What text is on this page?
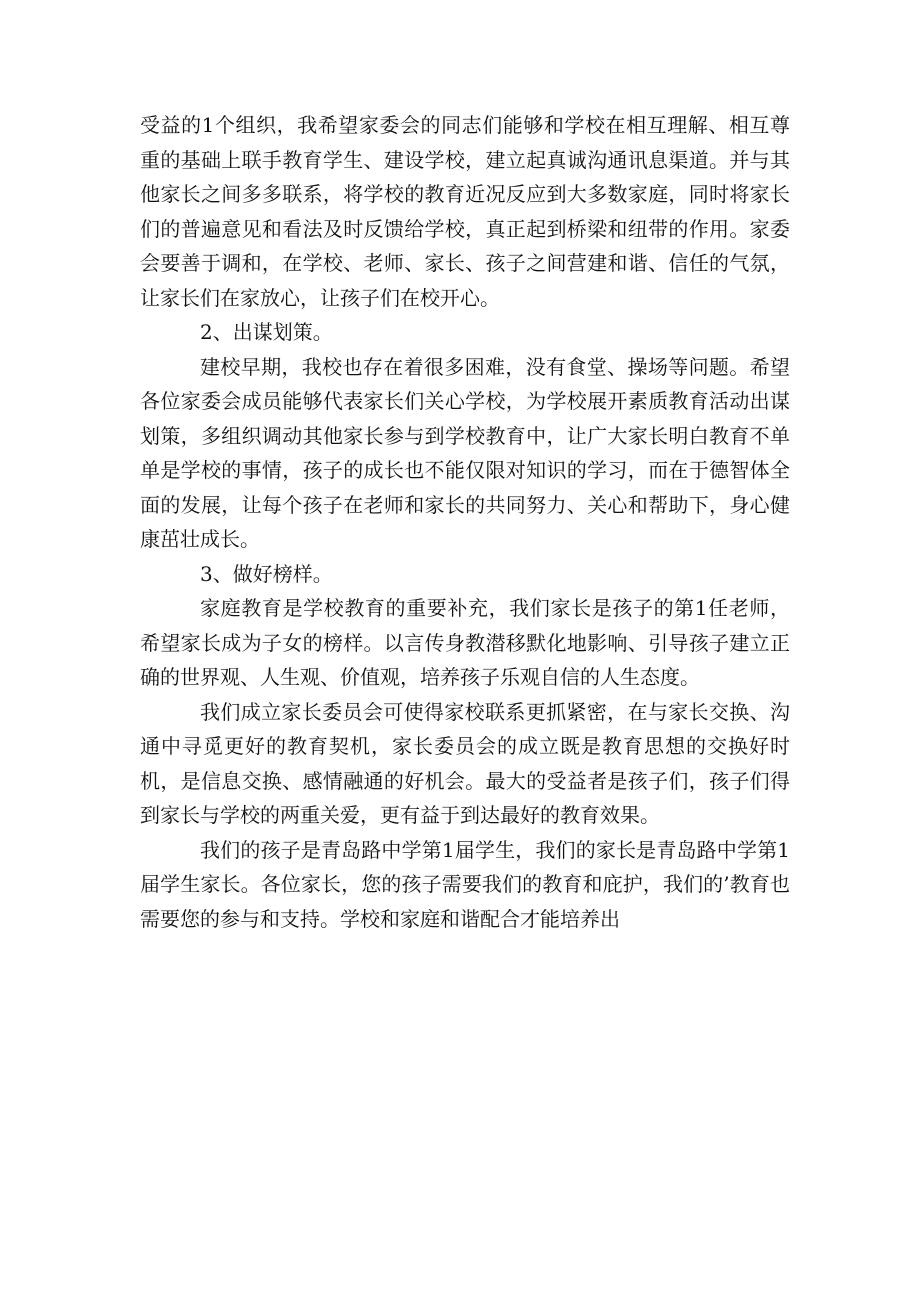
受益的1个组织，我希望家委会的同志们能够和学校在相互理解、相互尊重的基础上联手教育学生、建设学校，建立起真诚沟通讯息渠道。并与其他家长之间多多联系，将学校的教育近况反应到大多数家庭，同时将家长们的普遍意见和看法及时反馈给学校，真正起到桥梁和纽带的作用。家委会要善于调和，在学校、老师、家长、孩子之间营建和谐、信任的气氛，让家长们在家放心，让孩子们在校开心。

2、出谋划策。

建校早期，我校也存在着很多困难，没有食堂、操场等问题。希望各位家委会成员能够代表家长们关心学校，为学校展开素质教育活动出谋划策，多组织调动其他家长参与到学校教育中，让广大家长明白教育不单单是学校的事情，孩子的成长也不能仅限对知识的学习，而在于德智体全面的发展，让每个孩子在老师和家长的共同努力、关心和帮助下，身心健康茁壮成长。

3、做好榜样。

家庭教育是学校教育的重要补充，我们家长是孩子的第1任老师，希望家长成为子女的榜样。以言传身教潜移默化地影响、引导孩子建立正确的世界观、人生观、价值观，培养孩子乐观自信的人生态度。

我们成立家长委员会可使得家校联系更抓紧密，在与家长交换、沟通中寻觅更好的教育契机，家长委员会的成立既是教育思想的交换好时机，是信息交换、感情融通的好机会。最大的受益者是孩子们，孩子们得到家长与学校的两重关爱，更有益于到达最好的教育效果。

我们的孩子是青岛路中学第1届学生，我们的家长是青岛路中学第1届学生家长。各位家长，您的孩子需要我们的教育和庇护，我们的’教育也需要您的参与和支持。学校和家庭和谐配合才能培养出
